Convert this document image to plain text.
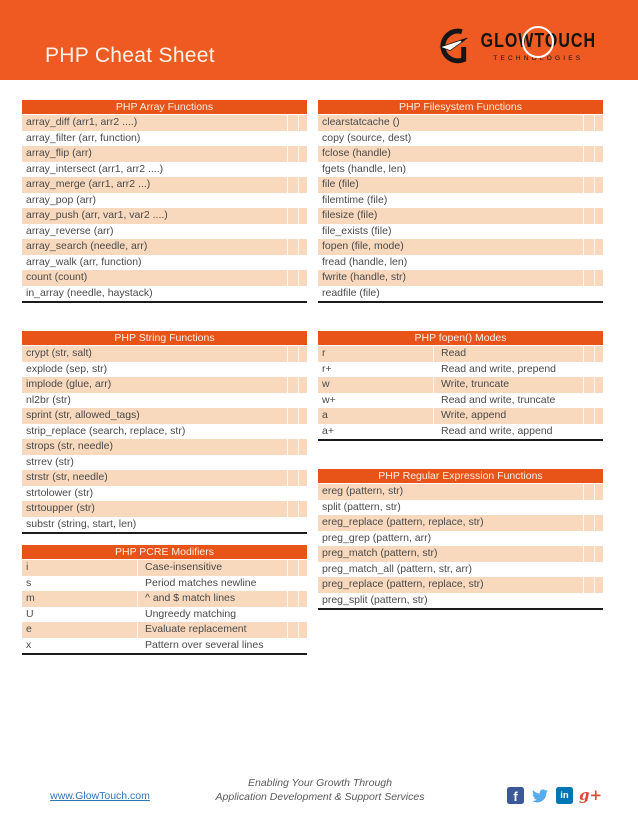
PHP Cheat Sheet
GLOWTOUCH
TECHNOLOGIES
PHP Array Functions
array_diff (arr1, arr2 ....)
array_filter (arr, function)
array_flip (arr)
array_intersect (arr1, arr2 ....)
array_merge (arr1, arr2 ...)
array_pop (arr)
array_push (arr, var1, var2 ....)
array_reverse (arr)
array_search (needle, arr)
array_walk (arr, function)
count (count)
in_array (needle, haystack)
PHP String Functions
crypt (str, salt)
explode (sep, str)
implode (glue, arr)
nl2br (str)
sprint (str, allowed_tags)
strip_replace (search, replace, str)
strops (str, needle)
strrev (str)
strstr (str, needle)
strtolower (str)
strtoupper (str)
substr (string, start, len)
PHP PCRE Modifiers
i	Case-insensitive
s	Period matches newline
m	^ and $ match lines
U	Ungreedy matching
e	Evaluate replacement
x	Pattern over several lines
PHP Filesystem Functions
clearstatcache ()
copy (source, dest)
fclose (handle)
fgets (handle, len)
file (file)
filemtime (file)
filesize (file)
file_exists (file)
fopen (file, mode)
fread (handle, len)
fwrite (handle, str)
readfile (file)
PHP fopen() Modes
r	Read
r+	Read and write, prepend
w	Write, truncate
w+	Read and write, truncate
a	Write, append
a+	Read and write, append
PHP Regular Expression Functions
ereg (pattern, str)
split (pattern, str)
ereg_replace (pattern, replace, str)
preg_grep (pattern, arr)
preg_match (pattern, str)
preg_match_all (pattern, str, arr)
preg_replace (pattern, replace, str)
preg_split (pattern, str)
www.GlowTouch.com
Enabling Your Growth Through
Application Development & Support Services	f	in g+
